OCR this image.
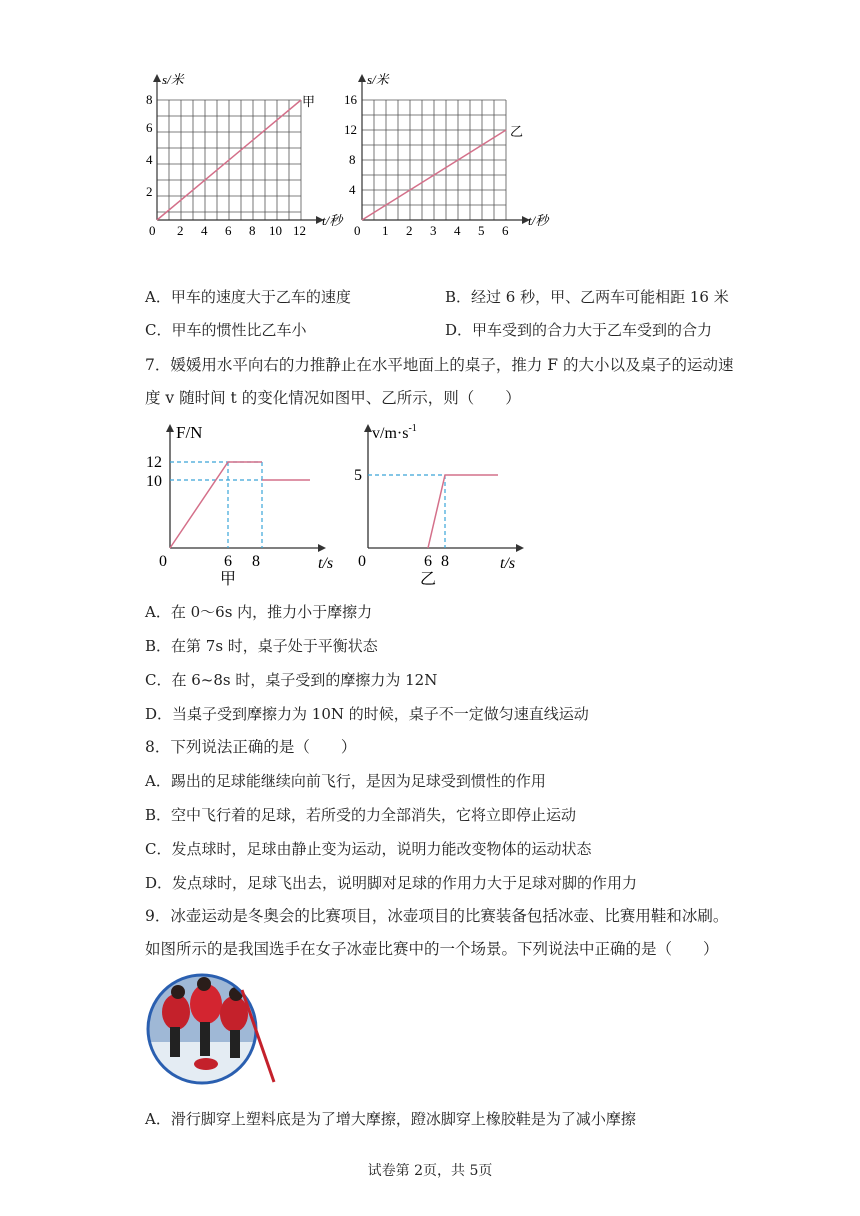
甲
2
4
6
8
0 2 4 6 8 10 12
s/米
t/秒
乙
4
8
12
16
0 1 2 3 4 5 6
s/米
t/秒
A．甲车的速度大于乙车的速度	B．经过 6 秒，甲、乙两车可能相距 16 米
C．甲车的惯性比乙车小	D．甲车受到的合力大于乙车受到的合力
7．媛媛用水平向右的力推静止在水平地面上的桌子，推力 F 的大小以及桌子的运动速
度 v 随时间 t 的变化情况如图甲、乙所示，则（　　）
F/N
12
10
0	6 8	t/s
甲
$v/m\cdot s^{-1}$
5
0	6 8	t/s
乙
A．在 0～6s 内，推力小于摩擦力
B．在第 7s 时，桌子处于平衡状态
C．在 6~8s 时，桌子受到的摩擦力为 12N
D．当桌子受到摩擦力为 10N 的时候，桌子不一定做匀速直线运动
8．下列说法正确的是（　　）
A．踢出的足球能继续向前飞行，是因为足球受到惯性的作用
B．空中飞行着的足球，若所受的力全部消失，它将立即停止运动
C．发点球时，足球由静止变为运动，说明力能改变物体的运动状态
D．发点球时，足球飞出去，说明脚对足球的作用力大于足球对脚的作用力
9．冰壶运动是冬奥会的比赛项目，冰壶项目的比赛装备包括冰壶、比赛用鞋和冰刷。
如图所示的是我国选手在女子冰壶比赛中的一个场景。下列说法中正确的是（　　）
A．滑行脚穿上塑料底是为了增大摩擦，蹬冰脚穿上橡胶鞋是为了减小摩擦
试卷第 2页，共 5页
